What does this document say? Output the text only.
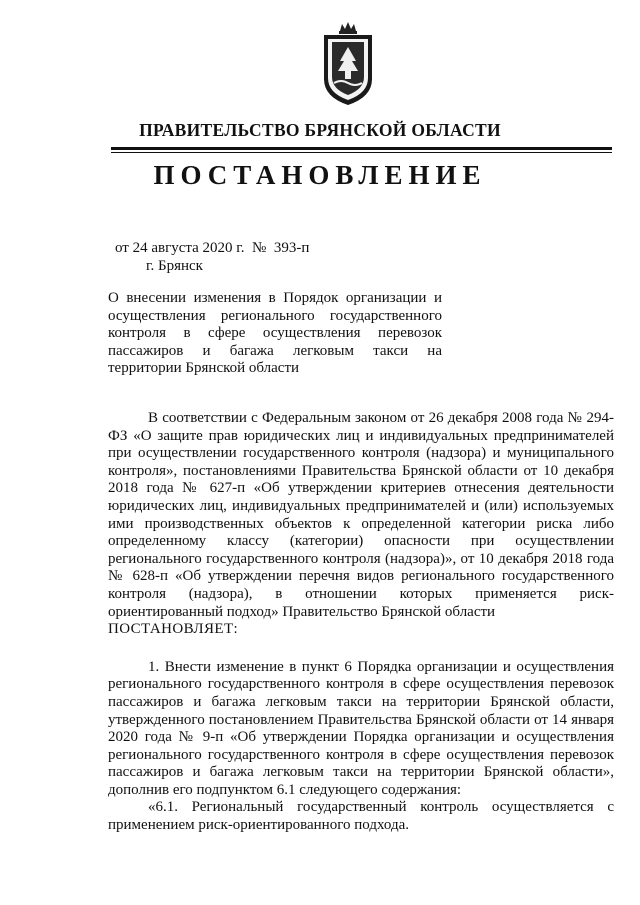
ПРАВИТЕЛЬСТВО БРЯНСКОЙ ОБЛАСТИ
ПОСТАНОВЛЕНИЕ
от 24 августа 2020 г.  №  393-п
г. Брянск
О внесении изменения в Порядок организации и осуществления регионального государственного контроля в сфере осуществления перевозок пассажиров и багажа легковым такси на территории Брянской области

В соответствии с Федеральным законом от 26 декабря 2008 года № 294-ФЗ «О защите прав юридических лиц и индивидуальных предпринимателей при осуществлении государственного контроля (надзора) и муниципального контроля», постановлениями Правительства Брянской области от 10 декабря 2018 года № 627-п «Об утверждении критериев отнесения деятельности юридических лиц, индивидуальных предпринимателей и (или) используемых ими производственных объектов к определенной категории риска либо определенному классу (категории) опасности при осуществлении регионального государственного контроля (надзора)», от 10 декабря 2018 года № 628-п «Об утверждении перечня видов регионального государственного контроля (надзора), в отношении которых применяется риск-ориентированный подход» Правительство Брянской области

ПОСТАНОВЛЯЕТ:

1. Внести изменение в пункт 6 Порядка организации и осуществления регионального государственного контроля в сфере осуществления перевозок пассажиров и багажа легковым такси на территории Брянской области, утвержденного постановлением Правительства Брянской области от 14 января 2020 года № 9-п «Об утверждении Порядка организации и осуществления регионального государственного контроля в сфере осуществления перевозок пассажиров и багажа легковым такси на территории Брянской области», дополнив его подпунктом 6.1 следующего содержания:

«6.1. Региональный государственный контроль осуществляется с применением риск-ориентированного подхода.
